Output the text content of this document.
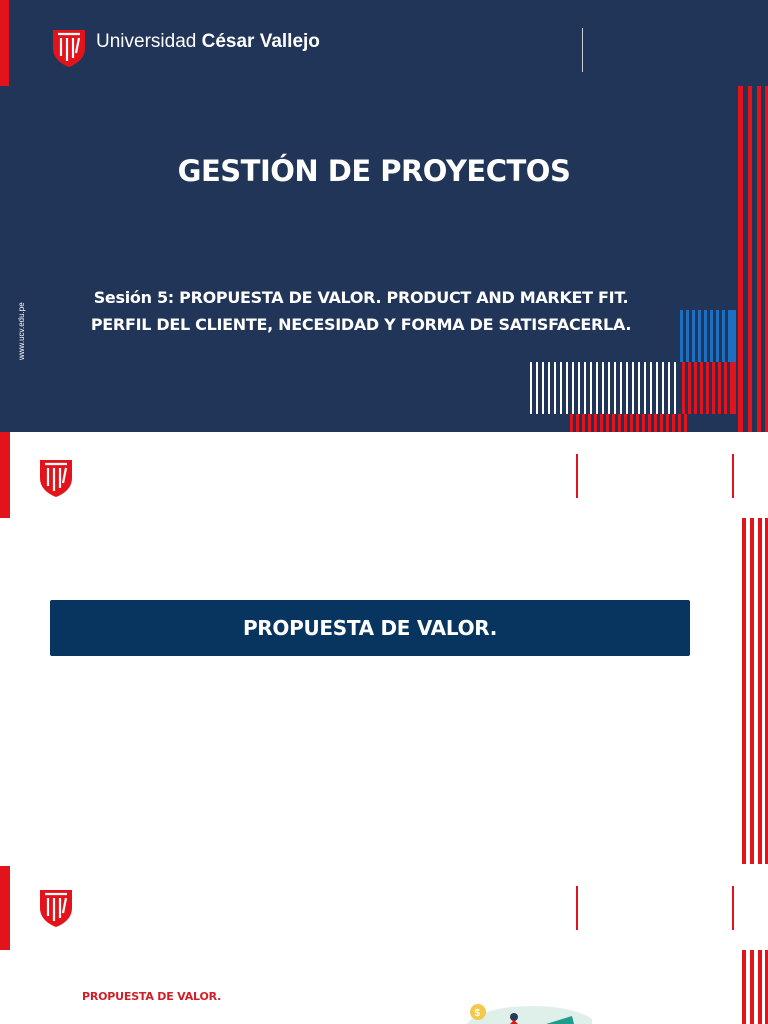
Universidad César Vallejo
GESTIÓN DE PROYECTOS
Sesión 5: PROPUESTA DE VALOR. PRODUCT AND MARKET FIT.
PERFIL DEL CLIENTE, NECESIDAD Y FORMA DE SATISFACERLA.
www.ucv.edu.pe
PROPUESTA DE VALOR.
PROPUESTA DE VALOR.
$
